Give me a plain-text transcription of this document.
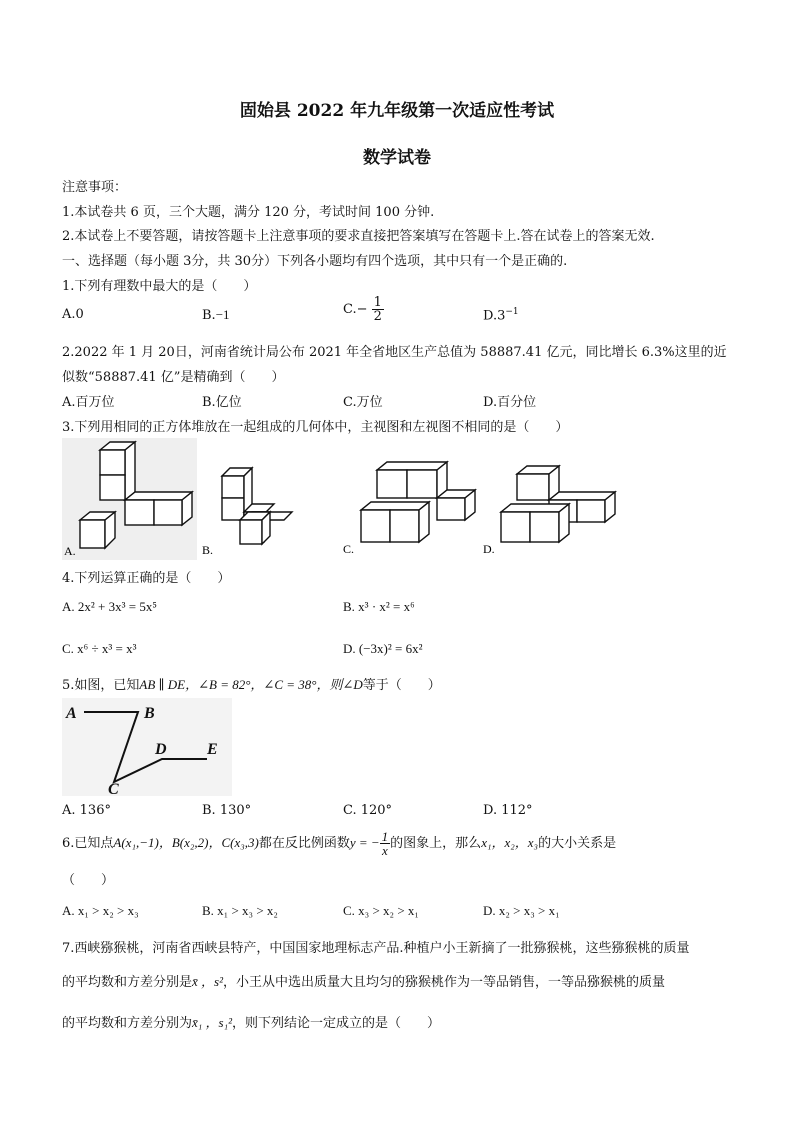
固始县 2022 年九年级第一次适应性考试
数学试卷
注意事项：
1.本试卷共 6 页，三个大题，满分 120 分，考试时间 100 分钟.
2.本试卷上不要答题，请按答题卡上注意事项的要求直接把答案填写在答题卡上.答在试卷上的答案无效.
一、选择题（每小题 3分，共 30分）下列各小题均有四个选项，其中只有一个是正确的.
1.下列有理数中最大的是（　　）
A.0	B.−1	$C.- \frac{1}{2}$	$D.3^{-1}$
2.2022 年 1 月 20日，河南省统计局公布 2021 年全省地区生产总值为 58887.41 亿元，同比增长 6.3%这里的近
似数“58887.41 亿”是精确到（　　）
A.百万位	B.亿位	C.万位	D.百分位
3.下列用相同的正方体堆放在一起组成的几何体中，主视图和左视图不相同的是（　　）
A.	B.	C.	D.
4.下列运算正确的是（　　）
A. 2x² + 3x³ = 5x⁵	B. x³ · x² = x⁶
C. x⁶ ÷ x³ = x³	D. (−3x)² = 6x²
5.如图，已知AB ∥ DE，∠B = 82°，∠C = 38°，则∠D等于（　　）
A	B
C
D	E
A. 136°	B. 130°	C. 120°	D. 112°
6.已知点A(x₁,−1)，B(x₂,2)，C(x₃,3)都在反比例函数y = − $\frac{1}{x}$ 的图象上，那么x₁，x₂，x₃的大小关系是
（　　）
A. x₁ > x₂ > x₃	B. x₁ > x₃ > x₂	C. x₃ > x₂ > x₁	D. x₂ > x₃ > x₁
7.西峡猕猴桃，河南省西峡县特产，中国国家地理标志产品.种植户小王新摘了一批猕猴桃，这些猕猴桃的质量
的平均数和方差分别是x̄ ，s²，小王从中选出质量大且均匀的猕猴桃作为一等品销售，一等品猕猴桃的质量
的平均数和方差分别为x̄₁ ，s₁²，则下列结论一定成立的是（　　）
